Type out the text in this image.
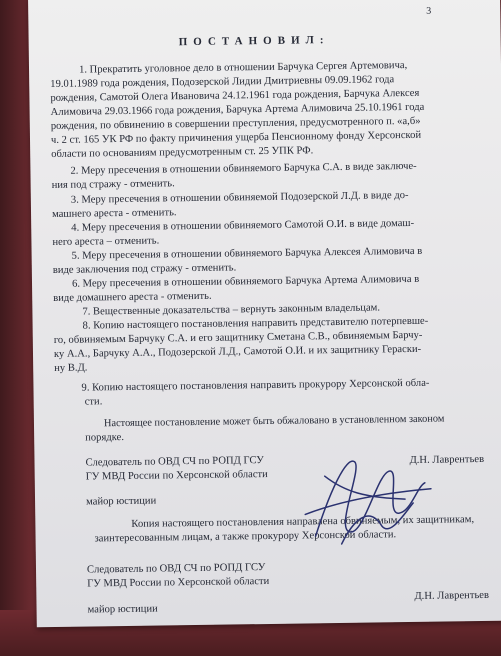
3
ПОСТАНОВИЛ:
1. Прекратить уголовное дело в отношении Барчука Сергея Артемовича,
19.01.1989 года рождения, Подозерской Лидии Дмитриевны 09.09.1962 года
рождения, Самотой Олега Ивановича 24.12.1961 года рождения, Барчука Алексея
Алимовича 29.03.1966 года рождения, Барчука Артема Алимовича 25.10.1961 года
рождения, по обвинению в совершении преступления, предусмотренного п. «а,б»
ч. 2 ст. 165 УК РФ по факту причинения ущерба Пенсионному фонду Херсонской
области по основаниям предусмотренным ст. 25 УПК РФ.
2. Меру пресечения в отношении обвиняемого Барчука С.А. в виде заключе-
ния под стражу - отменить.
3. Меру пресечения в отношении обвиняемой Подозерской Л.Д. в виде до-
машнего ареста - отменить.
4. Меру пресечения в отношении обвиняемого Самотой О.И. в виде домаш-
него ареста – отменить.
5. Меру пресечения в отношении обвиняемого Барчука Алексея Алимовича в
виде заключения под стражу - отменить.
6. Меру пресечения в отношении обвиняемого Барчука Артема Алимовича в
виде домашнего ареста - отменить.
7. Вещественные доказательства – вернуть законным владельцам.
8. Копию настоящего постановления направить представителю потерпевше-
го, обвиняемым Барчуку С.А. и его защитнику Сметана С.В., обвиняемым Барчу-
ку А.А., Барчуку А.А., Подозерской Л.Д., Самотой О.И. и их защитнику Гераски-
ну В.Д.
9. Копию настоящего постановления направить прокурору Херсонской обла-
сти.
Настоящее постановление может быть обжаловано в установленном законом
порядке.
Следователь по ОВД СЧ по РОПД ГСУ
ГУ МВД России по Херсонской области
Д.Н. Лаврентьев
майор юстиции
Копия настоящего постановления направлена обвиняемым, их защитникам,
заинтересованным лицам, а также прокурору Херсонской области.
Следователь по ОВД СЧ по РОПД ГСУ
ГУ МВД России по Херсонской области
Д.Н. Лаврентьев
майор юстиции
